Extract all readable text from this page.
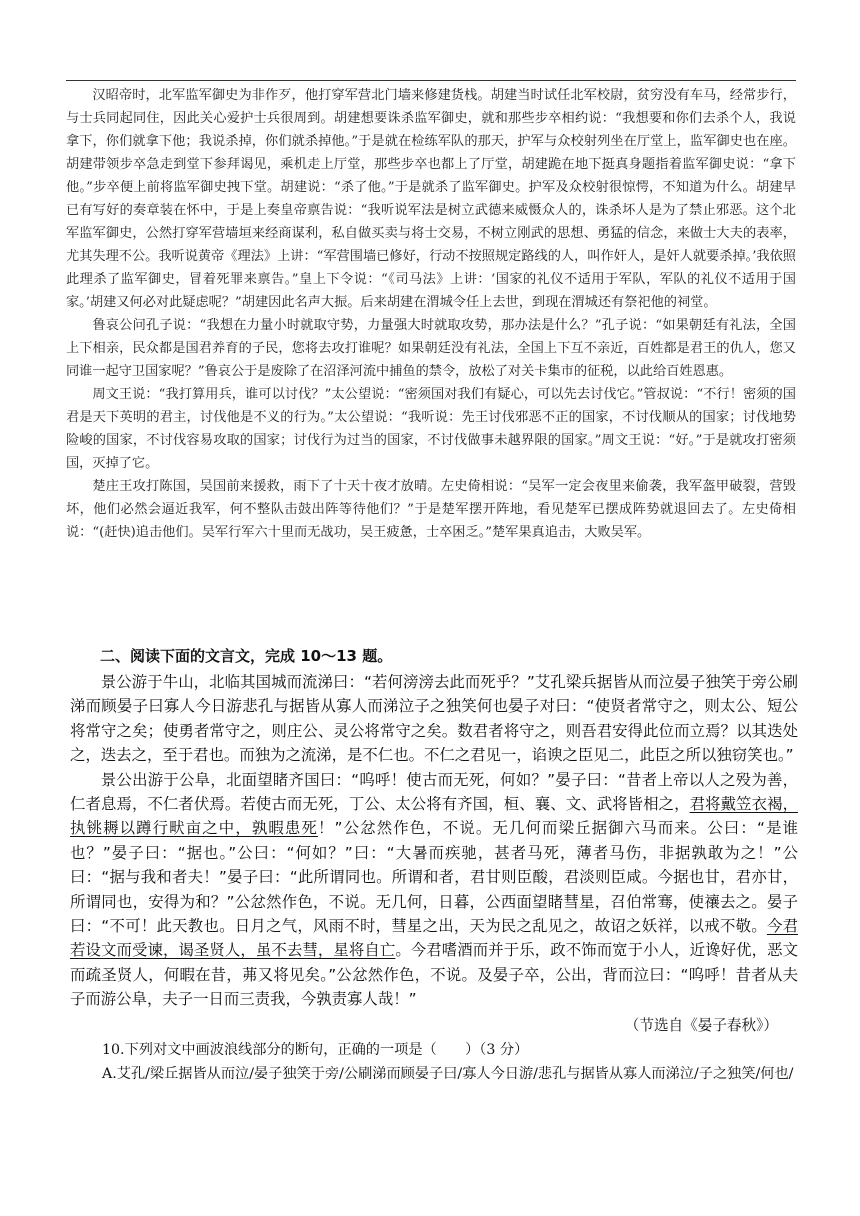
汉昭帝时，北军监军御史为非作歹，他打穿军营北门墙来修建货栈。胡建当时试任北军校尉，贫穷没有车马，经常步行，与士兵同起同住，因此关心爱护士兵很周到。胡建想要诛杀监军御史，就和那些步卒相约说：“我想要和你们去杀个人，我说拿下，你们就拿下他；我说杀掉，你们就杀掉他。”于是就在检练军队的那天，护军与众校射列坐在厅堂上，监军御史也在座。胡建带领步卒急走到堂下参拜谒见，乘机走上厅堂，那些步卒也都上了厅堂，胡建跪在地下挺真身题指着监军御史说：“拿下他。”步卒便上前将监军御史拽下堂。胡建说：“杀了他。”于是就杀了监军御史。护军及众校射很惊愕，不知道为什么。胡建早已有写好的奏章装在怀中，于是上奏皇帝禀告说：“我听说军法是树立武德来威慑众人的，诛杀坏人是为了禁止邪恶。这个北军监军御史，公然打穿军营墙垣来经商谋利，私自做买卖与将士交易，不树立刚武的思想、勇猛的信念，来做士大夫的表率，尤其失理不公。我听说黄帝《理法》上讲：“军营围墙已修好，行动不按照规定路线的人，叫作奸人，是奸人就要杀掉。’我依照此理杀了监军御史，冒着死罪来禀告。”皇上下令说：“《司马法》上讲：‘国家的礼仪不适用于军队，军队的礼仪不适用于国家。’胡建又何必对此疑虑呢？”胡建因此名声大振。后来胡建在渭城令任上去世，到现在渭城还有祭祀他的祠堂。

鲁哀公问孔子说：“我想在力量小时就取守势，力量强大时就取攻势，那办法是什么？”孔子说：“如果朝廷有礼法，全国上下相亲，民众都是国君养育的子民，您将去攻打谁呢？如果朝廷没有礼法，全国上下互不亲近，百姓都是君王的仇人，您又同谁一起守卫国家呢？”鲁哀公于是废除了在沼泽河流中捕鱼的禁令，放松了对关卡集市的征税，以此给百姓恩惠。

周文王说：“我打算用兵，谁可以讨伐？”太公望说：“密须国对我们有疑心，可以先去讨伐它。”管叔说：“不行！密须的国君是天下英明的君主，讨伐他是不义的行为。”太公望说：“我听说：先王讨伐邪恶不正的国家，不讨伐顺从的国家；讨伐地势险峻的国家，不讨伐容易攻取的国家；讨伐行为过当的国家，不讨伐做事未越界限的国家。”周文王说：“好。”于是就攻打密须国，灭掉了它。

楚庄王攻打陈国，吴国前来援救，雨下了十天十夜才放晴。左史倚相说：“吴军一定会夜里来偷袭，我军盔甲破裂，营毁坏，他们必然会逼近我军，何不整队击鼓出阵等待他们？”于是楚军摆开阵地，看见楚军已摆成阵势就退回去了。左史倚相说：“(赶快)追击他们。吴军行军六十里而无战功，吴王疲惫，士卒困乏。”楚军果真追击，大败吴军。

二、阅读下面的文言文，完成 10～13 题。

景公游于牛山，北临其国城而流涕曰：“若何滂滂去此而死乎？”艾孔梁兵据皆从而泣晏子独笑于旁公刷涕而顾晏子曰寡人今日游悲孔与据皆从寡人而涕泣子之独笑何也晏子对曰：“使贤者常守之，则太公、短公将常守之矣；使勇者常守之，则庄公、灵公将常守之矣。数君者将守之，则吾君安得此位而立焉？以其迭处之，迭去之，至于君也。而独为之流涕，是不仁也。不仁之君见一，谄谀之臣见二，此臣之所以独窃笑也。”

景公出游于公阜，北面望睹齐国曰：“呜呼！使古而无死，何如？”晏子曰：“昔者上帝以人之殁为善，仁者息焉，不仁者伏焉。若使古而无死，丁公、太公将有齐国，桓、襄、文、武将皆相之，君将戴笠衣褐，执铫耨以蹲行畎亩之中，孰暇患死！”公忿然作色，不说。无几何而梁丘据御六马而来。公曰：“是谁也？”晏子曰：“据也。”公曰：“何如？”曰：“大暑而疾驰，甚者马死，薄者马伤，非据孰敢为之！”公曰：“据与我和者夫！”晏子曰：“此所谓同也。所谓和者，君甘则臣酸，君淡则臣咸。今据也甘，君亦甘，所谓同也，安得为和？”公忿然作色，不说。无几何，日暮，公西面望睹彗星，召伯常骞，使禳去之。晏子曰：“不可！此天教也。日月之气，风雨不时，彗星之出，天为民之乱见之，故诏之妖祥，以戒不敬。今君若设文而受谏，谒圣贤人，虽不去彗，星将自亡。今君嗜酒而并于乐，政不饰而宽于小人，近谗好优，恶文而疏圣贤人，何暇在昔，茀又将见矣。”公忿然作色，不说。及晏子卒，公出，背而泣曰：“呜呼！昔者从夫子而游公阜，夫子一日而三责我，今孰责寡人哉！”

（节选自《晏子春秋》）
10.下列对文中画波浪线部分的断句，正确的一项是（　　）（3 分）
A.艾孔/梁丘据皆从而泣/晏子独笑于旁/公刷涕而顾晏子曰/寡人今日游/悲孔与据皆从寡人而涕泣/子之独笑/何也/
